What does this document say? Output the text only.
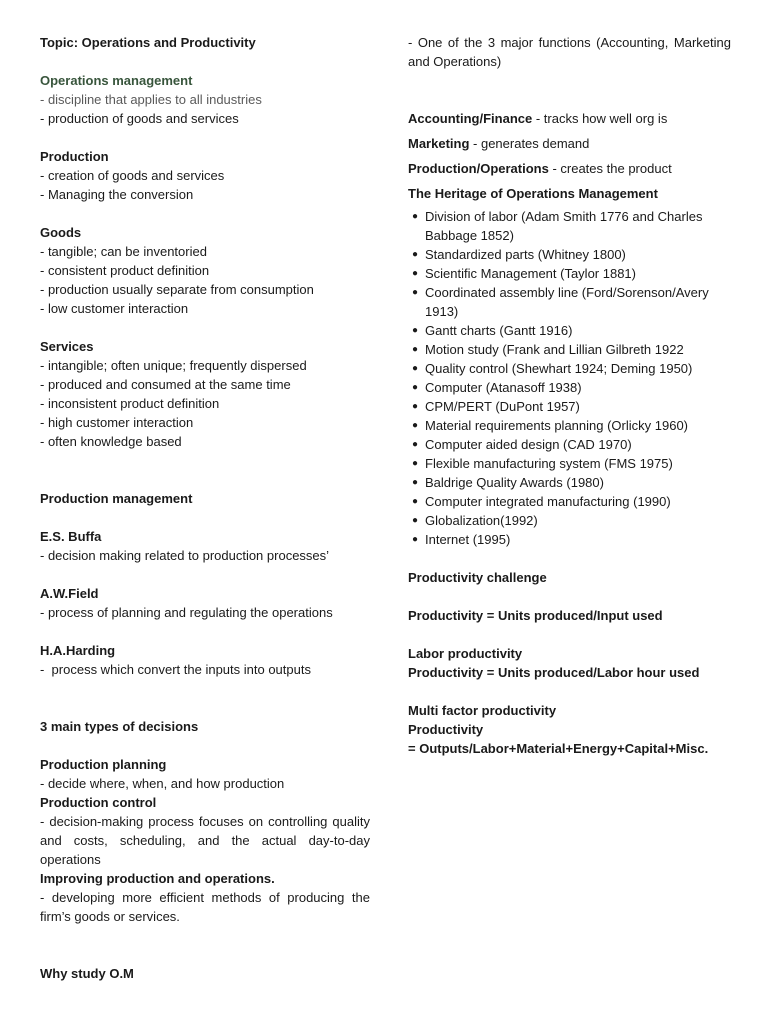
Topic: Operations and Productivity

Operations management
- discipline that applies to all industries
- production of goods and services

Production
- creation of goods and services
- Managing the conversion

Goods
- tangible; can be inventoried
- consistent product definition
- production usually separate from consumption
- low customer interaction

Services
- intangible; often unique; frequently dispersed
- produced and consumed at the same time
- inconsistent product definition
- high customer interaction
- often knowledge based

Production management

E.S. Buffa
- decision making related to production processes’

A.W.Field
- process of planning and regulating the operations

H.A.Harding
-  process which convert the inputs into outputs

3 main types of decisions

Production planning
- decide where, when, and how production
Production control
- decision-making process focuses on controlling quality and costs, scheduling, and the actual day-to-day operations
Improving production and operations.
- developing more efficient methods of producing the firm’s goods or services.

Why study O.M
- One of the 3 major functions (Accounting, Marketing and Operations)

Accounting/Finance - tracks how well org is
Marketing - generates demand
Production/Operations - creates the product
The Heritage of Operations Management
● Division of labor (Adam Smith 1776 and Charles Babbage 1852)
● Standardized parts (Whitney 1800)
● Scientific Management (Taylor 1881)
● Coordinated assembly line (Ford/Sorenson/Avery 1913)
● Gantt charts (Gantt 1916)
● Motion study (Frank and Lillian Gilbreth 1922
● Quality control (Shewhart 1924; Deming 1950)
● Computer (Atanasoff 1938)
● CPM/PERT (DuPont 1957)
● Material requirements planning (Orlicky 1960)
● Computer aided design (CAD 1970)
● Flexible manufacturing system (FMS 1975)
● Baldrige Quality Awards (1980)
● Computer integrated manufacturing (1990)
● Globalization(1992)
● Internet (1995)

Productivity challenge

Productivity = Units produced/Input used

Labor productivity
Productivity = Units produced/Labor hour used

Multi factor productivity
Productivity
= Outputs/Labor+Material+Energy+Capital+Misc.
